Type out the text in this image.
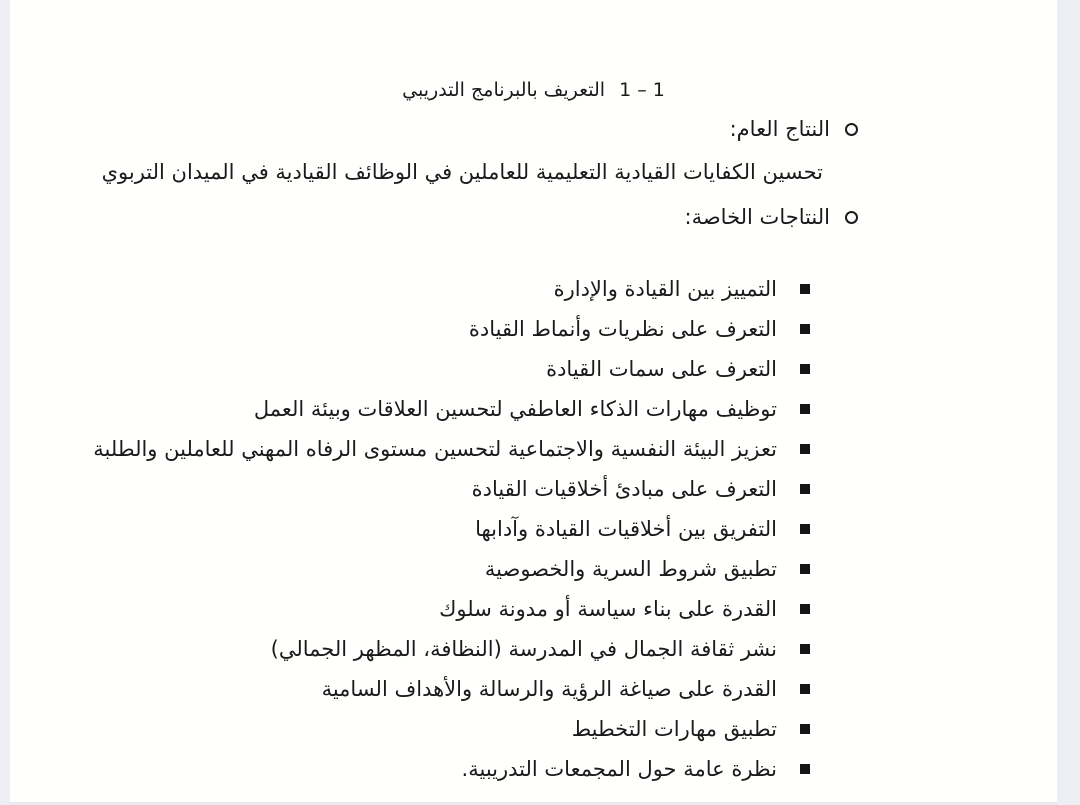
1 – 1التعريف بالبرنامج التدريبي
النتاج العام:
تحسين الكفايات القيادية التعليمية للعاملين في الوظائف القيادية في الميدان التربوي
النتاجات الخاصة:
التمييز بين القيادة والإدارة
التعرف على نظريات وأنماط القيادة
التعرف على سمات القيادة
توظيف مهارات الذكاء العاطفي لتحسين العلاقات وبيئة العمل
تعزيز البيئة النفسية والاجتماعية لتحسين مستوى الرفاه المهني للعاملين والطلبة
التعرف على مبادئ أخلاقيات القيادة
التفريق بين أخلاقيات القيادة وآدابها
تطبيق شروط السرية والخصوصية
القدرة على بناء سياسة أو مدونة سلوك
نشر ثقافة الجمال في المدرسة (النظافة، المظهر الجمالي)
القدرة على صياغة الرؤية والرسالة والأهداف السامية
تطبيق مهارات التخطيط
نظرة عامة حول المجمعات التدريبية.
